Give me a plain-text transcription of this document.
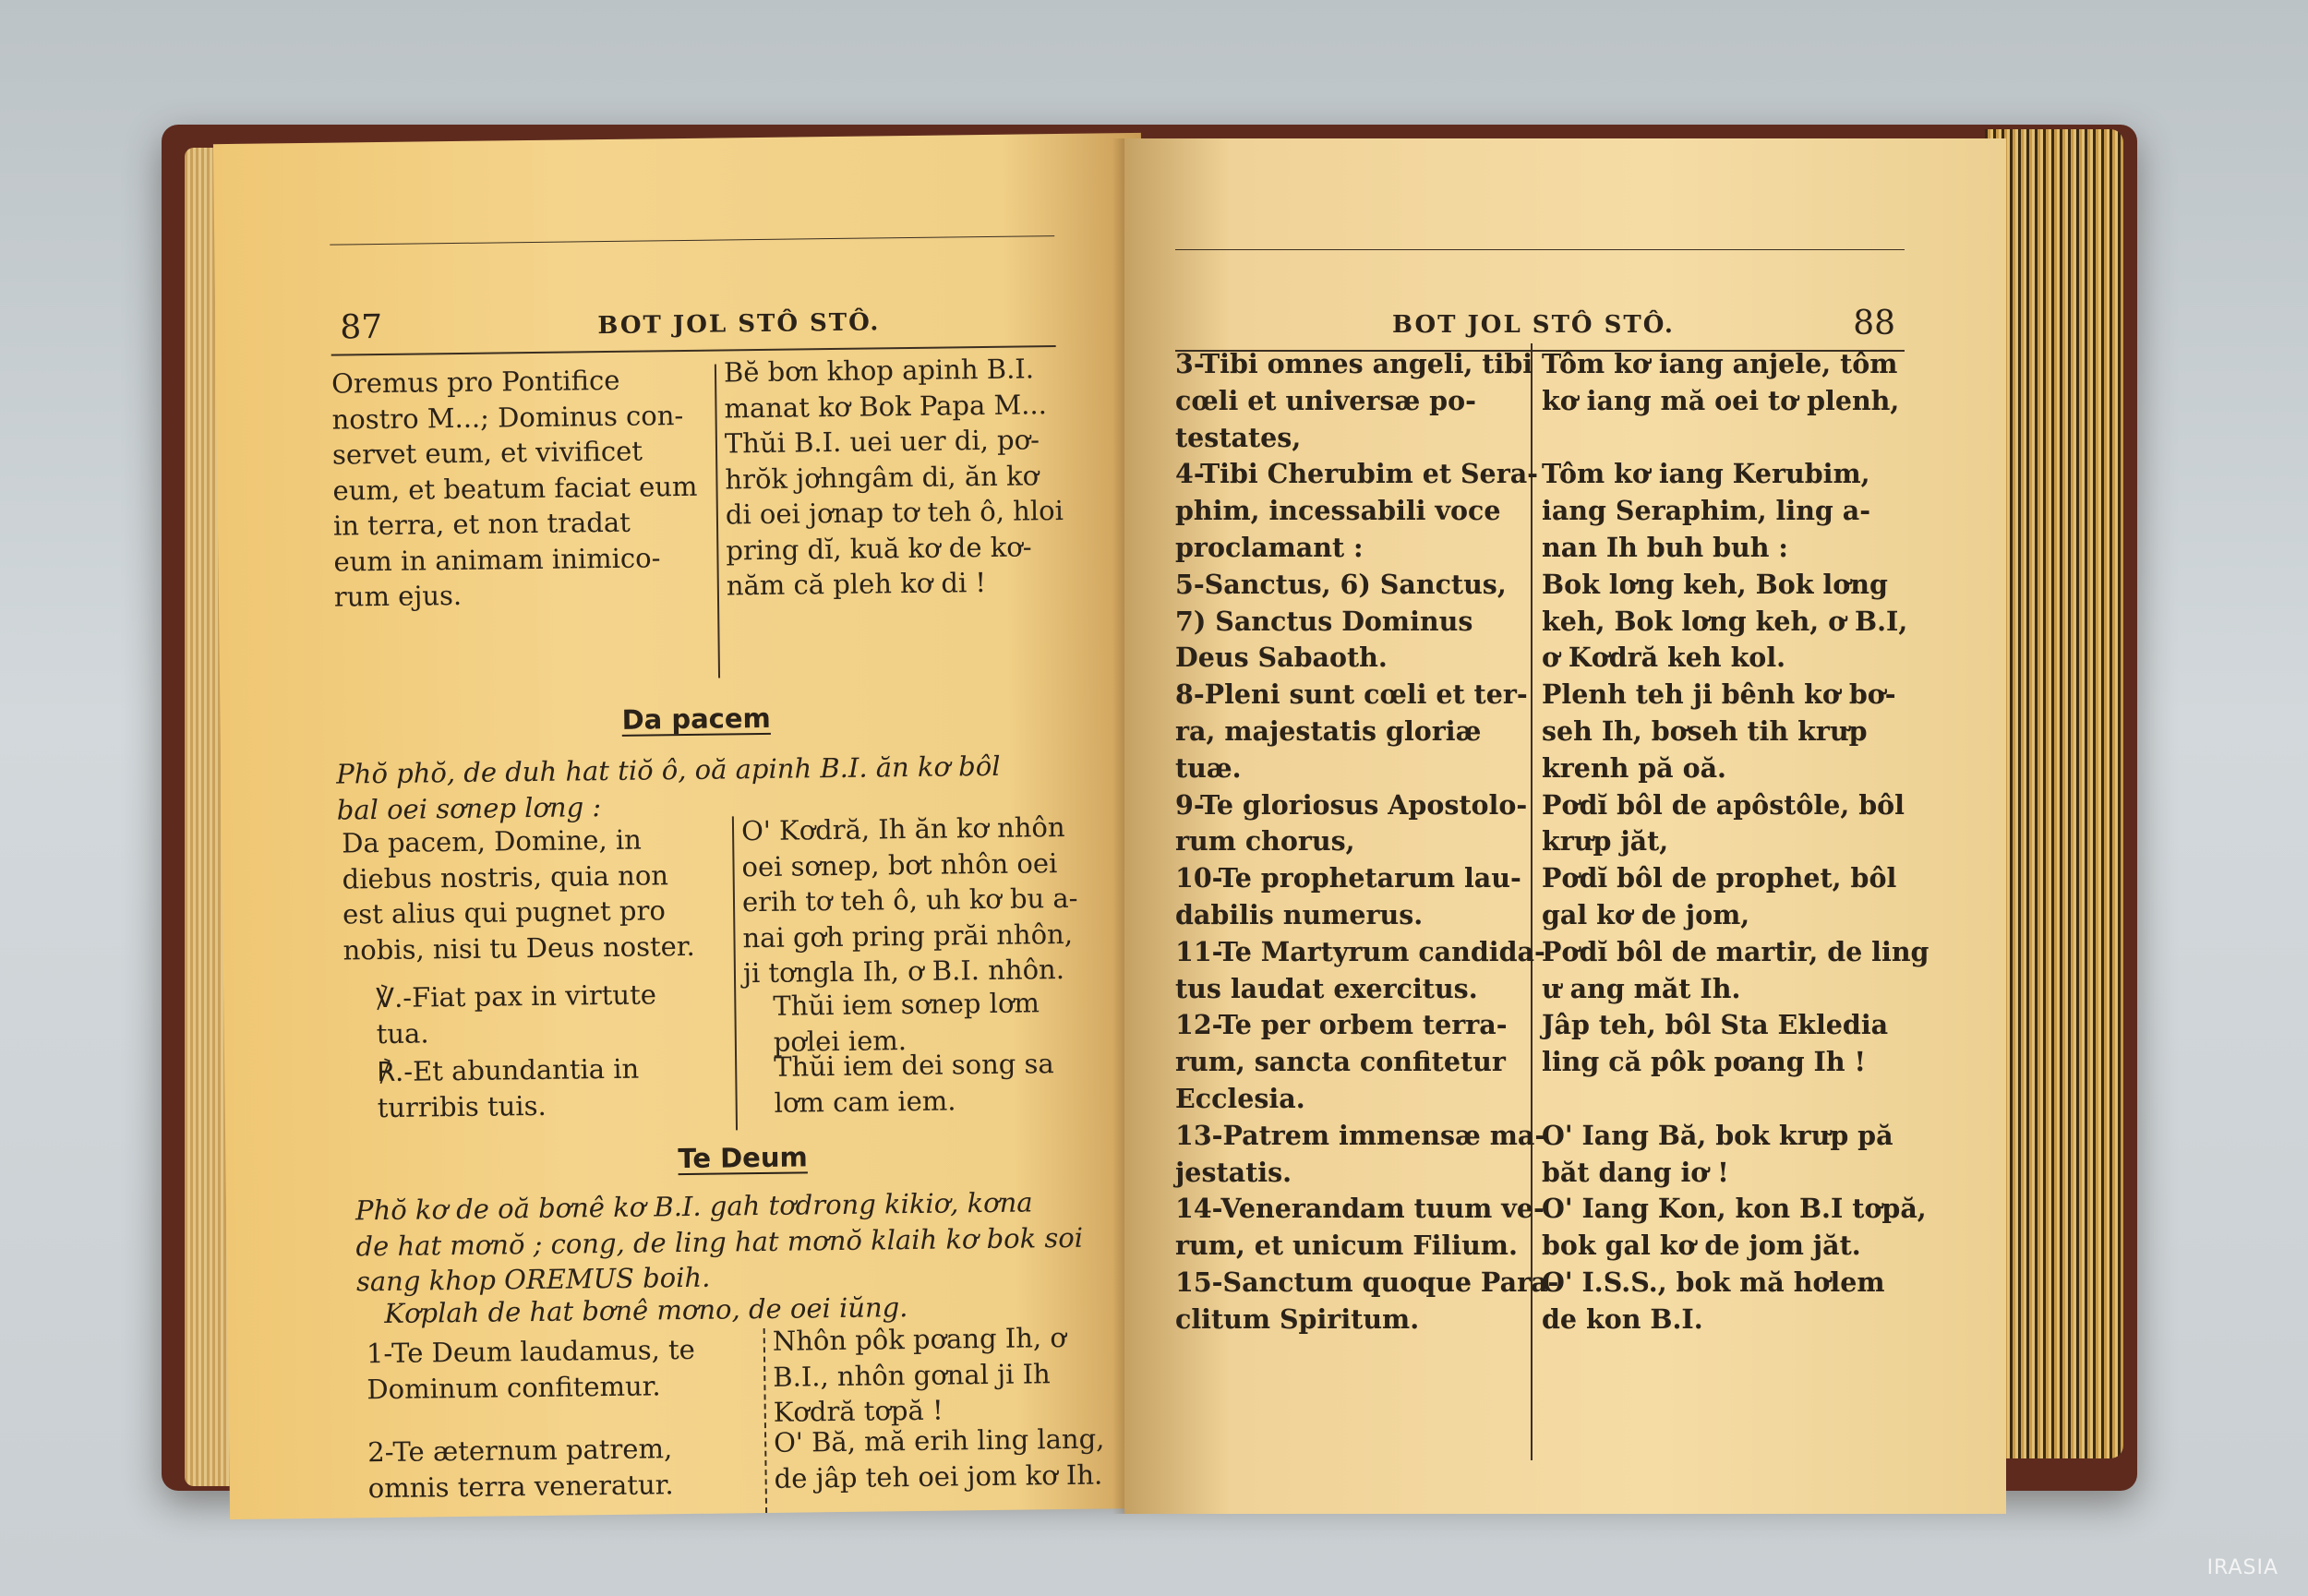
87	BOT JOL STÔ STÔ.
Oremus pro Pontifice
nostro M...; Dominus con-
servet eum, et vivificet
eum, et beatum faciat eum
in terra, et non tradat
eum in animam inimico-
rum ejus.
Bĕ bơn khop apinh B.I.
manat kơ Bok Papa M...
Thŭi B.I. uei uer di, pơ-
hrŏk jơhngâm di, ăn kơ
di oei jơnap tơ teh ô, hloi
pring dĭ, kuă kơ de kơ-
năm că pleh kơ di !
Da pacem
Phŏ phŏ, de duh hat tiŏ ô, oă apinh B.I. ăn kơ bôl
bal oei sơnep lơng :
Da pacem, Domine, in
diebus nostris, quia non
est alius qui pugnet pro
nobis, nisi tu Deus noster.
℣.-Fiat pax in virtute
tua.
℟.-Et abundantia in
turribis tuis.
O' Kơdră, Ih ăn kơ nhôn
oei sơnep, bơt nhôn oei
erih tơ teh ô, uh kơ bu a-
nai gơh pring prăi nhôn,
ji tơngla Ih, ơ B.I. nhôn.
Thŭi iem sơnep lơm
pơlei iem.
Thŭi iem dei song sa
lơm cam iem.
Te Deum
Phŏ kơ de oă bơnê kơ B.I. gah tơdrong kikiơ, kơna
de hat mơnŏ ; cong, de ling hat mơnŏ klaih kơ bok soi
sang khop OREMUS boih.
Kơplah de hat bơnê mơno, de oei iŭng.
1-Te Deum laudamus, te
Dominum confitemur.
Nhôn pôk pơang Ih, ơ
B.I., nhôn gơnal ji Ih
Kơdră tơpă !
2-Te æternum patrem,
omnis terra veneratur.
O' Bă, mă erih ling lang,
de jâp teh oei jom kơ Ih.
BOT JOL STÔ STÔ.	88
3-Tibi omnes angeli, tibi
cœli et universæ po-
testates,
4-Tibi Cherubim et Sera-
phim, incessabili voce
proclamant :
5-Sanctus, 6) Sanctus,
7) Sanctus Dominus
Deus Sabaoth.
8-Pleni sunt cœli et ter-
ra, majestatis gloriæ
tuæ.
9-Te gloriosus Apostolo-
rum chorus,
10-Te prophetarum lau-
dabilis numerus.
11-Te Martyrum candida-
tus laudat exercitus.
12-Te per orbem terra-
rum, sancta confitetur
Ecclesia.
13-Patrem immensæ ma-
jestatis.
14-Venerandam tuum ve-
rum, et unicum Filium.
15-Sanctum quoque Para-
clitum Spiritum.
Tôm kơ iang anjele, tôm
kơ iang mă oei tơ plenh,

Tôm kơ iang Kerubim,
iang Seraphim, ling a-
nan Ih buh buh :
Bok lơng keh, Bok lơng
keh, Bok lơng keh, ơ B.I,
ơ Kơdră keh kol.
Plenh teh ji bênh kơ bơ-
seh Ih, bơseh tih krưp
krenh pă oă.
Pơdĭ bôl de apôstôle, bôl
krưp jăt,
Pơdĭ bôl de prophet, bôl
gal kơ de jom,
Pơdĭ bôl de martir, de ling
ư ang măt Ih.
Jâp teh, bôl Sta Ekledia
ling că pôk pơang Ih !

O' Iang Bă, bok krưp pă
băt dang iơ !
O' Iang Kon, kon B.I tơpă,
bok gal kơ de jom jăt.
O' I.S.S., bok mă hơlem
de kon B.I.
IRASIA
